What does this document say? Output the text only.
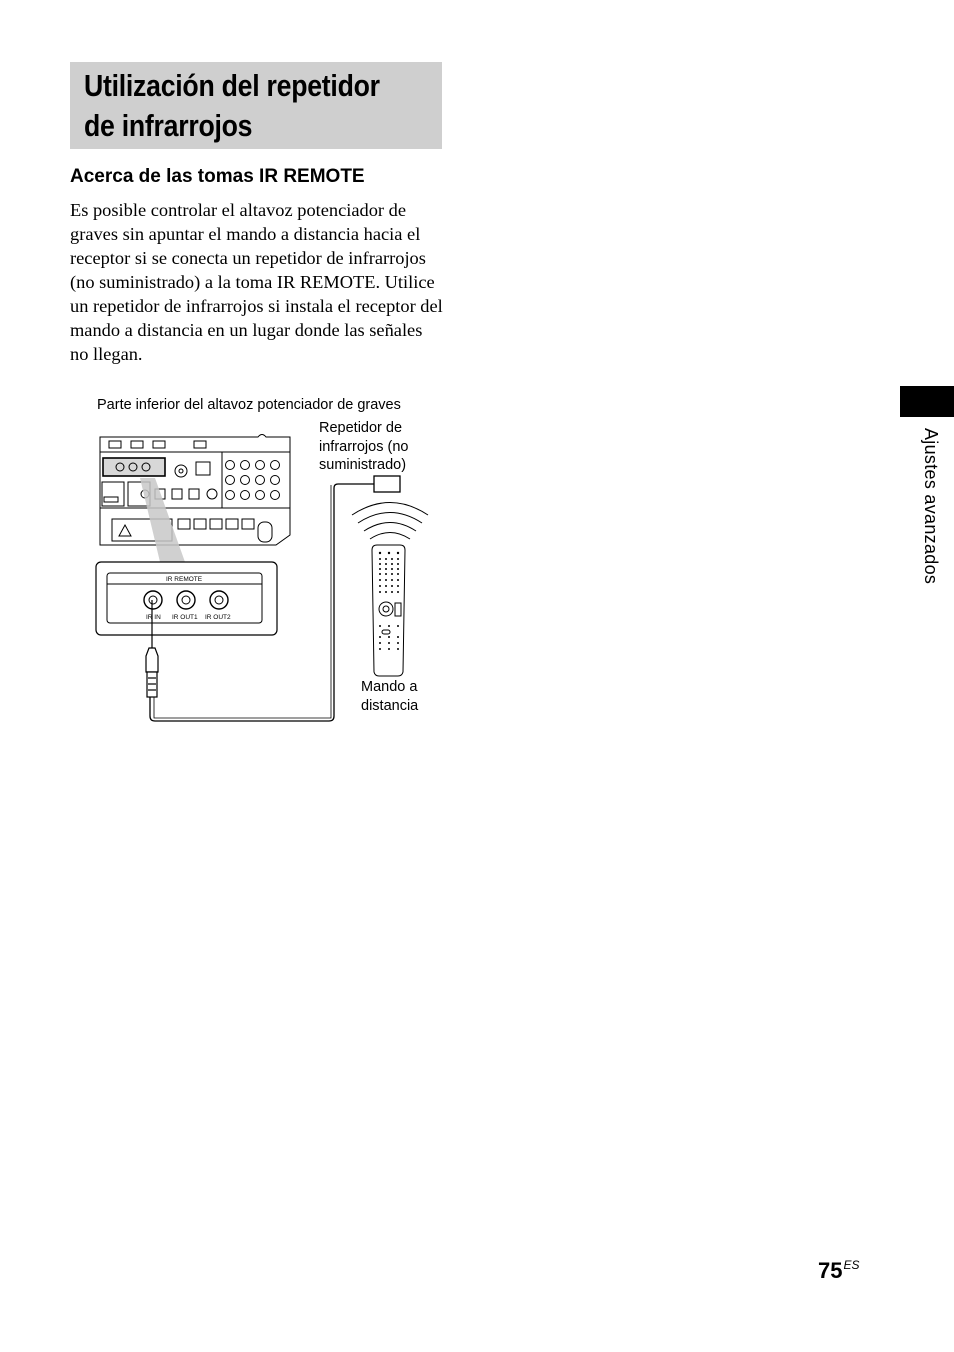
Utilización del repetidor
de infrarrojos
Acerca de las tomas IR REMOTE

Es posible controlar el altavoz potenciador de graves sin apuntar el mando a distancia hacia el receptor si se conecta un repetidor de infrarrojos (no suministrado) a la toma IR REMOTE. Utilice un repetidor de infrarrojos si instala el receptor del mando a distancia en un lugar donde las señales no llegan.

Ajustes avanzados
$75^{ES}$
Parte inferior del altavoz potenciador de graves
Repetidor de
infrarrojos (no
suministrado)
Mando a
distancia
IR REMOTE
IR IN IR OUT1 IR OUT2
